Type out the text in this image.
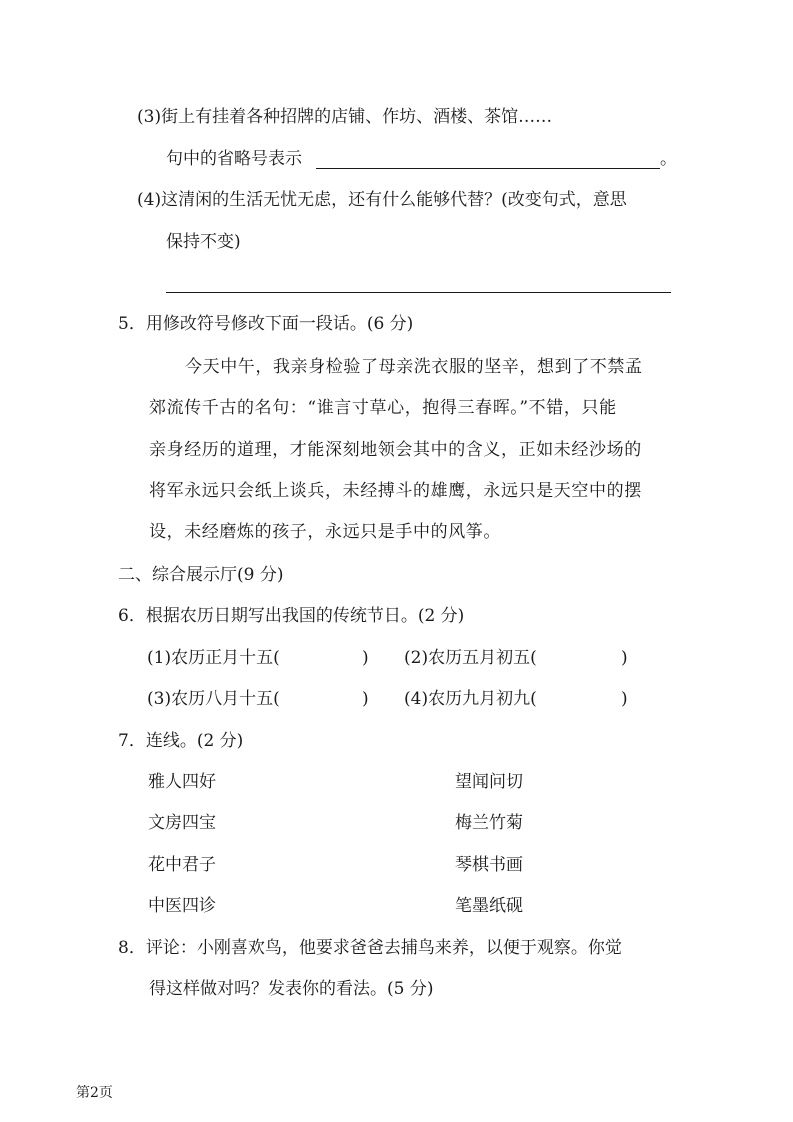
(3)街上有挂着各种招牌的店铺、作坊、酒楼、茶馆……
句中的省略号表示	。
(4)这清闲的生活无忧无虑，还有什么能够代替？(改变句式，意思
保持不变)
5．用修改符号修改下面一段话。(6 分)
今天中午，我亲身检验了母亲洗衣服的坚辛，想到了不禁孟
郊流传千古的名句：“谁言寸草心，抱得三春晖。”不错，只能
亲身经历的道理，才能深刻地领会其中的含义，正如未经沙场的
将军永远只会纸上谈兵，未经搏斗的雄鹰，永远只是天空中的摆
设，未经磨炼的孩子，永远只是手中的风筝。
二、综合展示厅(9 分)
6．根据农历日期写出我国的传统节日。(2 分)
(1)农历正月十五(	) (2)农历五月初五(	)
(3)农历八月十五(	) (4)农历九月初九(	)
7．连线。(2 分)
雅人四好	望闻问切
文房四宝	梅兰竹菊
花中君子	琴棋书画
中医四诊	笔墨纸砚
8．评论：小刚喜欢鸟，他要求爸爸去捕鸟来养，以便于观察。你觉
得这样做对吗？发表你的看法。(5 分)
第2页
